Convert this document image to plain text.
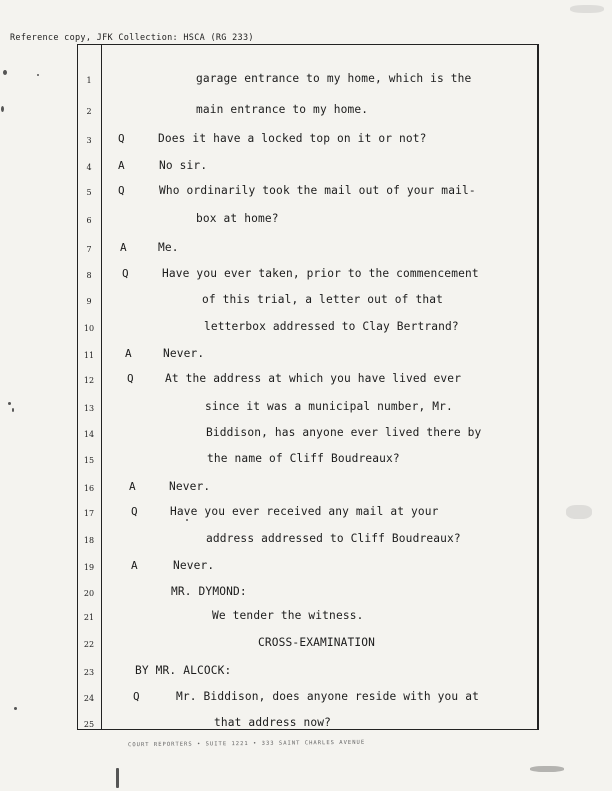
Reference copy, JFK Collection: HSCA (RG 233)
1	garage entrance to my home, which is the
2	main entrance to my home.
3	Q	Does it have a locked top on it or not?
4	A	No sir.
5	Q	Who ordinarily took the mail out of your mail-
6	box at home?
7	A	Me.
8	Q	Have you ever taken, prior to the commencement
9	of this trial, a letter out of that
10	letterbox addressed to Clay Bertrand?
11	A	Never.
12	Q	At the address at which you have lived ever
13	since it was a municipal number, Mr.
14	Biddison, has anyone ever lived there by
15	the name of Cliff Boudreaux?
16	A	Never.
17	Q	Have you ever received any mail at your
18	address addressed to Cliff Boudreaux?
19	A	Never.
20	MR. DYMOND:
21	We tender the witness.
22	CROSS-EXAMINATION
23	BY MR. ALCOCK:
24	Q	Mr. Biddison, does anyone reside with you at
25	that address now?
COURT REPORTERS • SUITE 1221 • 333 SAINT CHARLES AVENUE
